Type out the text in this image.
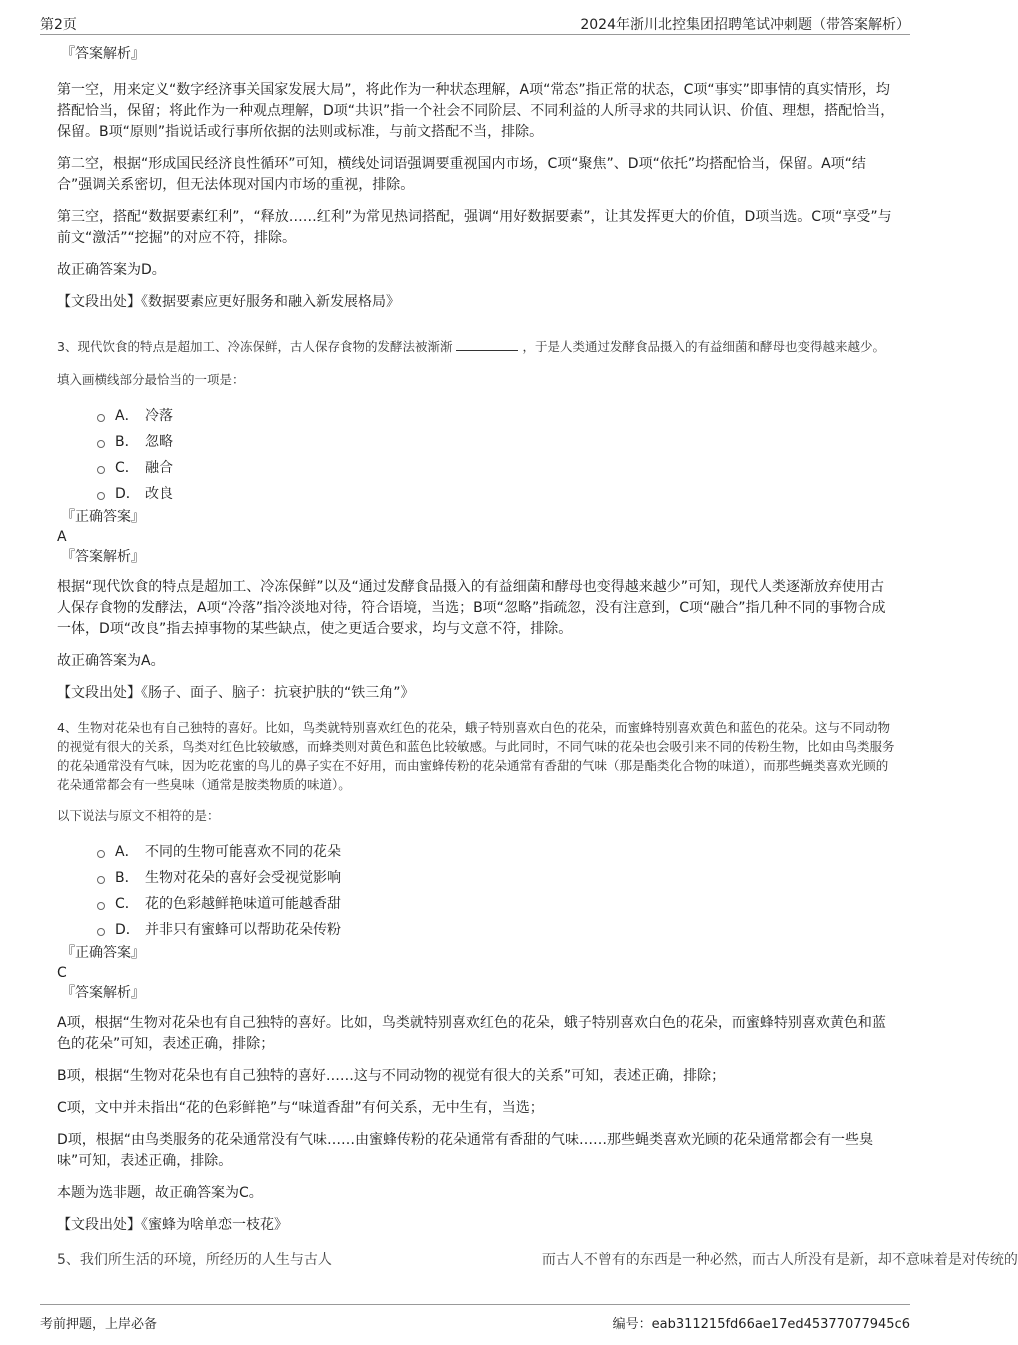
第2页	2024年浙川北控集团招聘笔试冲刺题（带答案解析）

『答案解析』

第一空，用来定义“数字经济事关国家发展大局”，将此作为一种状态理解，A项“常态”指正常的状态，C项“事实”即事情的真实情形，均搭配恰当，保留；将此作为一种观点理解，D项“共识”指一个社会不同阶层、不同利益的人所寻求的共同认识、价值、理想，搭配恰当，保留。B项“原则”指说话或行事所依据的法则或标准，与前文搭配不当，排除。

第二空，根据“形成国民经济良性循环”可知，横线处词语强调要重视国内市场，C项“聚焦”、D项“依托”均搭配恰当，保留。A项“结合”强调关系密切，但无法体现对国内市场的重视，排除。

第三空，搭配“数据要素红利”，“释放……红利”为常见热词搭配，强调“用好数据要素”，让其发挥更大的价值，D项当选。C项“享受”与前文“激活”“挖掘”的对应不符，排除。

故正确答案为D。

【文段出处】《数据要素应更好服务和融入新发展格局》

3、现代饮食的特点是超加工、冷冻保鲜，古人保存食物的发酵法被渐渐	，于是人类通过发酵食品摄入的有益细菌和酵母也变得越来越少。

填入画横线部分最恰当的一项是：

A． 冷落
B． 忽略
C． 融合
D． 改良

『正确答案』

A

『答案解析』

根据“现代饮食的特点是超加工、冷冻保鲜”以及“通过发酵食品摄入的有益细菌和酵母也变得越来越少”可知，现代人类逐渐放弃使用古人保存食物的发酵法，A项“冷落”指冷淡地对待，符合语境，当选；B项“忽略”指疏忽，没有注意到，C项“融合”指几种不同的事物合成一体，D项“改良”指去掉事物的某些缺点，使之更适合要求，均与文意不符，排除。

故正确答案为A。

【文段出处】《肠子、面子、脑子：抗衰护肤的“铁三角”》

4、生物对花朵也有自己独特的喜好。比如，鸟类就特别喜欢红色的花朵，蛾子特别喜欢白色的花朵，而蜜蜂特别喜欢黄色和蓝色的花朵。这与不同动物的视觉有很大的关系，鸟类对红色比较敏感，而蜂类则对黄色和蓝色比较敏感。与此同时，不同气味的花朵也会吸引来不同的传粉生物，比如由鸟类服务的花朵通常没有气味，因为吃花蜜的鸟儿的鼻子实在不好用，而由蜜蜂传粉的花朵通常有香甜的气味（那是酯类化合物的味道），而那些蝇类喜欢光顾的花朵通常都会有一些臭味（通常是胺类物质的味道）。

以下说法与原文不相符的是：

A． 不同的生物可能喜欢不同的花朵
B． 生物对花朵的喜好会受视觉影响
C． 花的色彩越鲜艳味道可能越香甜
D． 并非只有蜜蜂可以帮助花朵传粉

『正确答案』

C

『答案解析』

A项，根据“生物对花朵也有自己独特的喜好。比如，鸟类就特别喜欢红色的花朵，蛾子特别喜欢白色的花朵，而蜜蜂特别喜欢黄色和蓝色的花朵”可知，表述正确，排除；

B项，根据“生物对花朵也有自己独特的喜好……这与不同动物的视觉有很大的关系”可知，表述正确，排除；

C项，文中并未指出“花的色彩鲜艳”与“味道香甜”有何关系，无中生有，当选；

D项，根据“由鸟类服务的花朵通常没有气味……由蜜蜂传粉的花朵通常有香甜的气味……那些蝇类喜欢光顾的花朵通常都会有一些臭味”可知，表述正确，排除。

本题为选非题，故正确答案为C。

【文段出处】《蜜蜂为啥单恋一枝花》

5、我们所生活的环境，所经历的人生与古人　　　　　　　　　　　　　　　而古人不曾有的东西是一种必然，而古人所没有是新，却不意味着是对传统的

考前押题，上岸必备	编号：eab311215fd66ae17ed45377077945c6
